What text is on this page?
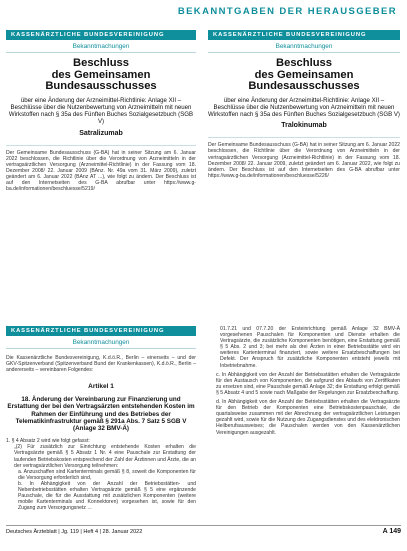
BEKANNTGABEN DER HERAUSGEBER
KASSENÄRZTLICHE BUNDESVEREINIGUNG
Bekanntmachungen
Beschluss
des Gemeinsamen Bundesausschusses
über eine Änderung der Arzneimittel-Richtlinie: Anlage XII – Beschlüsse über die Nutzenbewertung von Arzneimitteln mit neuen Wirkstoffen nach § 35a des Fünften Buches Sozialgesetzbuch (SGB V)
Satralizumab
Der Gemeinsame Bundesausschuss (G-BA) hat in seiner Sitzung am 6. Januar 2022 beschlossen, die Richtlinie über die Verordnung von Arzneimitteln in der vertragsärztlichen Versorgung (Arzneimittel-Richtlinie) in der Fassung vom 18. Dezember 2008/ 22. Januar 2009 (BAnz. Nr. 49a vom 31. März 2009), zuletzt geändert am 6. Januar 2022 (BAnz AT ...), wie folgt zu ändern. Der Beschluss ist auf den Internetseiten des G-BA abrufbar unter https://www.g-ba.de/informationen/beschluesse/5219/
KASSENÄRZTLICHE BUNDESVEREINIGUNG
Bekanntmachungen
Beschluss
des Gemeinsamen Bundesausschusses
über eine Änderung der Arzneimittel-Richtlinie: Anlage XII – Beschlüsse über die Nutzenbewertung von Arzneimitteln mit neuen Wirkstoffen nach § 35a des Fünften Buches Sozialgesetzbuch (SGB V)
Tralokinumab
Der Gemeinsame Bundesausschuss (G-BA) hat in seiner Sitzung am 6. Januar 2022 beschlossen, die Richtlinie über die Verordnung von Arzneimitteln in der vertragsärztlichen Versorgung (Arzneimittel-Richtlinie) in der Fassung vom 18. Dezember 2008/ 22. Januar 2009, zuletzt geändert am 6. Januar 2022, wie folgt zu ändern. Der Beschluss ist auf den Internetseiten des G-BA abrufbar unter https://www.g-ba.de/informationen/beschluesse/5226/
KASSENÄRZTLICHE BUNDESVEREINIGUNG
Bekanntmachungen
Die Kassenärztliche Bundesvereinigung, K.d.ö.R., Berlin – einerseits – und der GKV-Spitzenverband (Spitzenverband Bund der Krankenkassen), K.d.ö.R., Berlin – andererseits – vereinbaren Folgendes:
Artikel 1
18. Änderung der Vereinbarung zur Finanzierung und Erstattung der bei den Vertragsärzten entstehenden Kosten im Rahmen der Einführung und des Betriebes der Telematikinfrastruktur gemäß § 291a Abs. 7 Satz 5 SGB V (Anlage 32 BMV-Ä)
1. § 4 Absatz 2 wird wie folgt gefasst:
„(2) Für zusätzlich zur Einrichtung entstehende Kosten erhalten die Vertragsärzte gemäß § 5 Absatz 1 Nr. 4 eine Pauschale zur Erstattung der laufenden Betriebskosten entsprechend der Zahl der Ärztinnen und Ärzte, die an der vertragsärztlichen Versorgung teilnehmen:
a. Anzuschaffen sind Kartenterminals gemäß § 8, soweit die Komponenten für die Versorgung erforderlich sind,
b. In Abhängigkeit von der Anzahl der Betriebsstätten- und Nebenbetriebsstätten erhalten Vertragsärzte gemäß § 5 eine ergänzende Pauschale, die für die Ausstattung mit zusätzlichen Komponenten (weitere mobile Kartenterminals und Konnektoren) vorgesehen ist, sowie für den Zugang zum Versorgungsnetz ...
01.7.21 und 07.7.20 der Ersteinrichtung gemäß Anlage 32 BMV-Ä vorgesehenen Pauschalen für Komponenten und Dienste erhalten die Vertragsärzte, die zusätzliche Komponenten benötigen, eine Erstattung gemäß § 5 Abs. 2 und 3; bei mehr als drei Ärzten in einer Betriebsstätte wird ein weiteres Kartenterminal finanziert, sowie weitere Ersatzbeschaffungen bei Defekt. Der Anspruch für zusätzliche Komponenten entsteht jeweils mit Inbetriebnahme.
c. In Abhängigkeit von der Anzahl der Betriebsstätten erhalten die Vertragsärzte für den Austausch von Komponenten, die aufgrund des Ablaufs von Zertifikaten zu ersetzen sind, eine Pauschale gemäß Anlage 32; die Erstattung erfolgt gemäß § 5 Absatz 4 und 5 sowie nach Maßgabe der Regelungen zur Ersatzbeschaffung.
d. In Abhängigkeit von der Anzahl der Betriebsstätten erhalten die Vertragsärzte für den Betrieb der Komponenten eine Betriebskostenpauschale, die quartalsweise zusammen mit der Abrechnung der vertragsärztlichen Leistungen gezahlt wird, sowie für die Nutzung des Zugangsdienstes und des elektronischen Heilberufsausweises; die Pauschalen werden von den Kassenärztlichen Vereinigungen ausgezahlt.
Deutsches Ärzteblatt | Jg. 119 | Heft 4 | 28. Januar 2022	A 149
